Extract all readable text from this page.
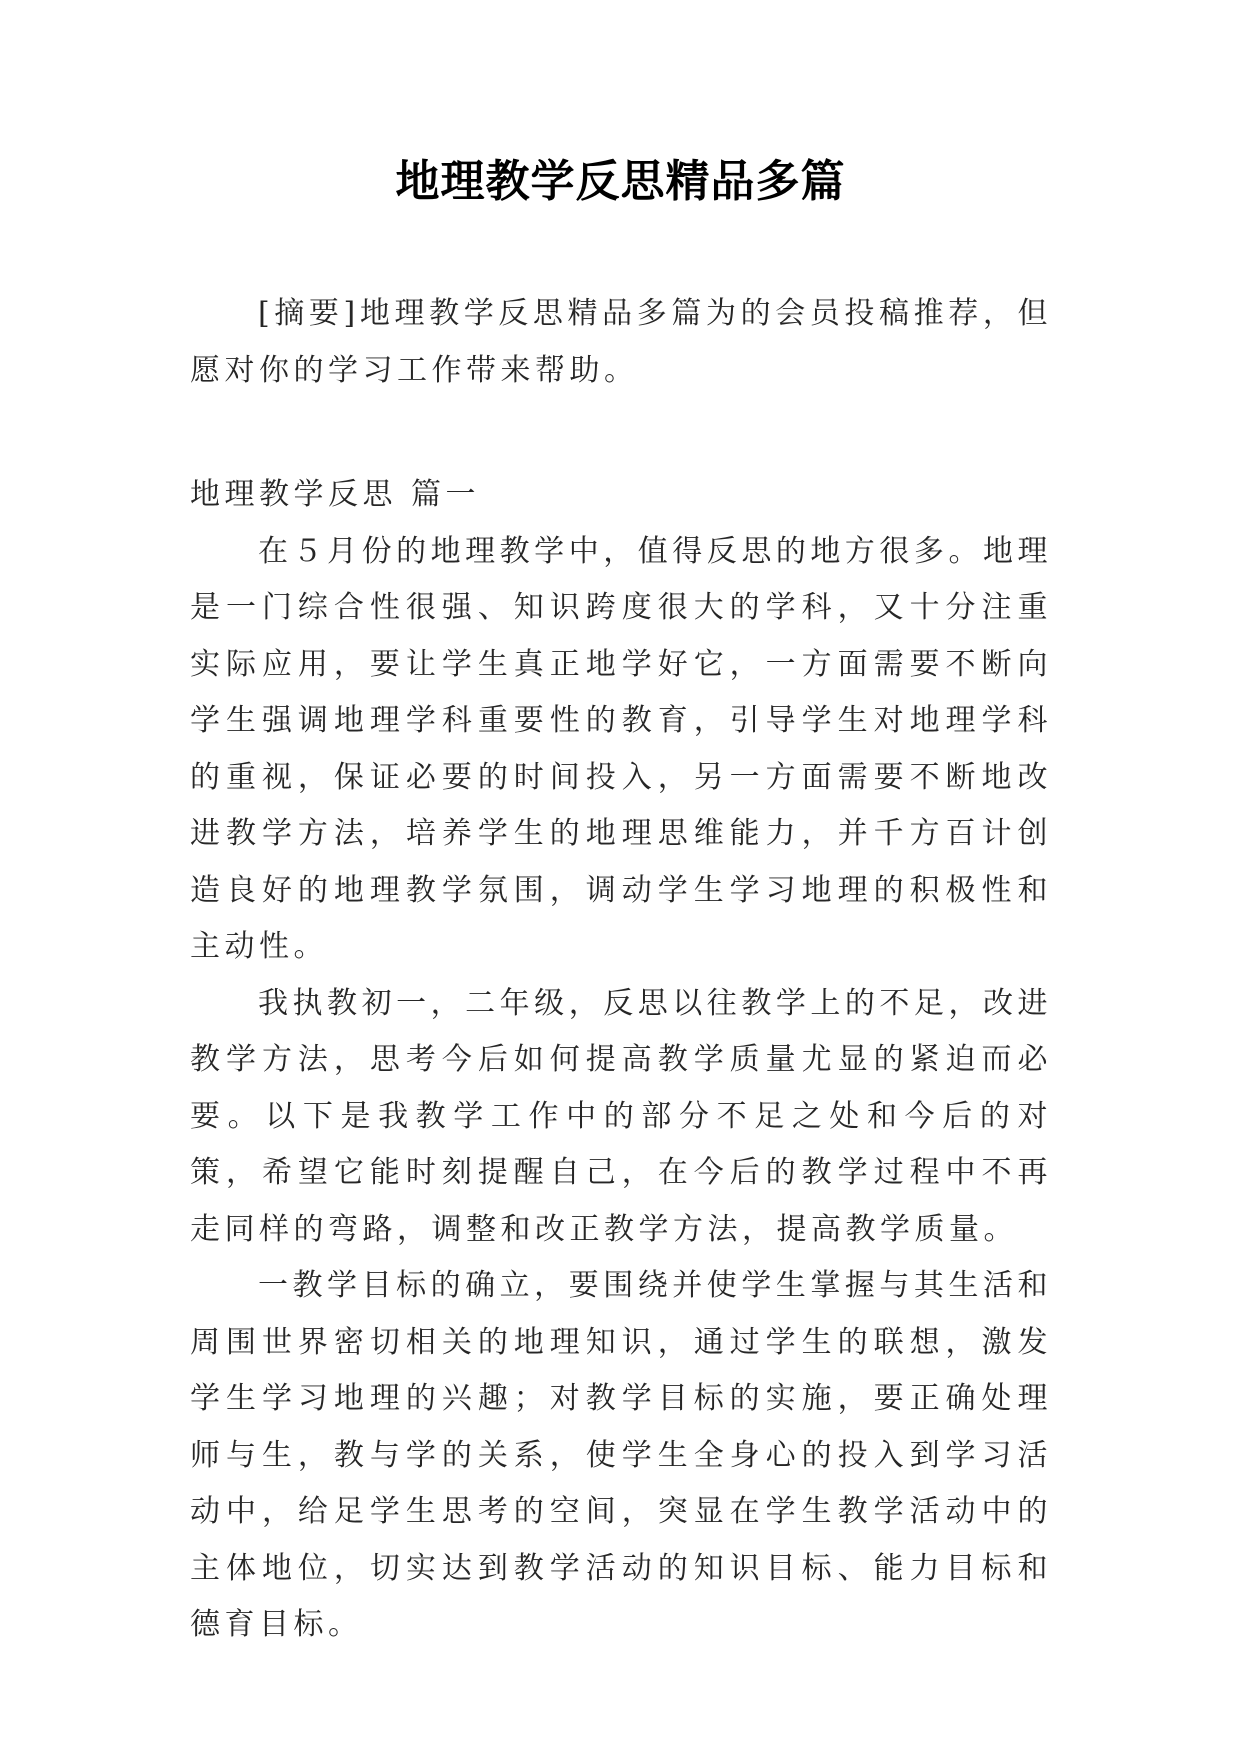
地理教学反思精品多篇

[摘要]地理教学反思精品多篇为的会员投稿推荐，但愿对你的学习工作带来帮助。

地理教学反思 篇一

在５月份的地理教学中，值得反思的地方很多。地理是一门综合性很强、知识跨度很大的学科，又十分注重实际应用，要让学生真正地学好它，一方面需要不断向学生强调地理学科重要性的教育，引导学生对地理学科的重视，保证必要的时间投入，另一方面需要不断地改进教学方法，培养学生的地理思维能力，并千方百计创造良好的地理教学氛围，调动学生学习地理的积极性和主动性。

我执教初一，二年级，反思以往教学上的不足，改进教学方法，思考今后如何提高教学质量尤显的紧迫而必要。以下是我教学工作中的部分不足之处和今后的对策，希望它能时刻提醒自己，在今后的教学过程中不再走同样的弯路，调整和改正教学方法，提高教学质量。

一教学目标的确立，要围绕并使学生掌握与其生活和周围世界密切相关的地理知识，通过学生的联想，激发学生学习地理的兴趣；对教学目标的实施，要正确处理师与生，教与学的关系，使学生全身心的投入到学习活动中，给足学生思考的空间，突显在学生教学活动中的主体地位，切实达到教学活动的知识目标、能力目标和德育目标。
